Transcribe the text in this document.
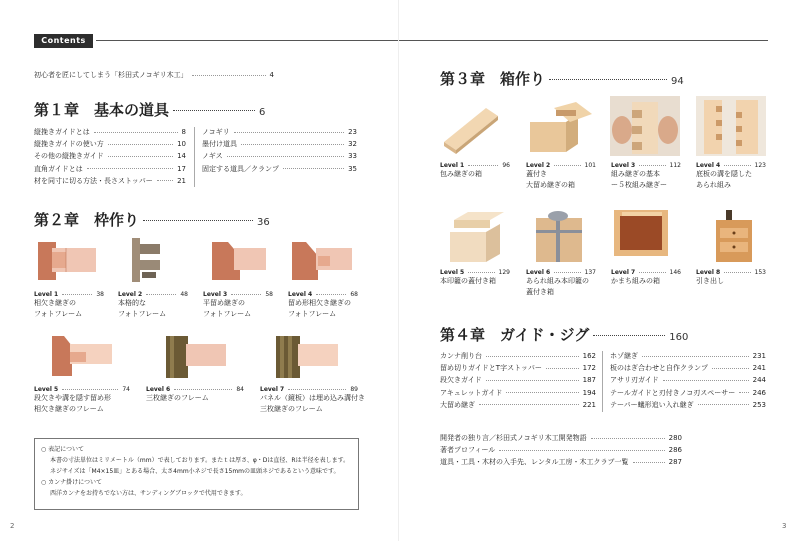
Contents
初心者を匠にしてしまう「杉田式ノコギリ木工」	4
第１章　基本の道具	6
縦挽きガイドとは	8
縦挽きガイドの使い方	10
その他の縦挽きガイド	14
直角ガイドとは	17
材を同寸に切る方法・長さストッパー	21
ノコギリ	23
墨付け道具	32
ノギス	33
固定する道具／クランプ	35
第２章　枠作り	36
Level 1	38
相欠き継ぎの
フォトフレーム
Level 2	48
本格的な
フォトフレーム
Level 3	58
平留め継ぎの
フォトフレーム
Level 4	68
留め形相欠き継ぎの
フォトフレーム
Level 5	74
段欠きや溝を隠す留め形
相欠き継ぎのフレーム
Level 6	84
三枚継ぎのフレーム
Level 7	89
パネル（鏡板）は埋め込み溝付き
三枚継ぎのフレーム
○ 表記について
本書の寸法単位はミリメートル（mm）で表しております。またｔは厚さ、φ・Dは直径、Rは半径を表します。
ネジサイズは「M4×15皿」とある場合、太さ4mm小ネジで長さ15mmの皿頭ネジであるという意味です。
○ カンナ掛けについて
西洋カンナをお持ちでない方は、サンディングブロックで代用できます。
第３章　箱作り	94
Level 1	96
包み継ぎの箱
Level 2	101
蓋付き
大留め継ぎの箱
Level 3	112
組み継ぎの基本
ー５枚組み継ぎー
Level 4	123
底板の溝を隠した
あられ組み
Level 5	129
本印籠の蓋付き箱
Level 6	137
あられ組み本印籠の
蓋付き箱
Level 7	146
かまち組みの箱
Level 8	153
引き出し
第４章　ガイド・ジグ	160
カンナ削り台	162
留め切りガイドとT字ストッパー	172
段欠きガイド	187
アキュレットガイド	194
大留め継ぎ	221
ホゾ継ぎ	231
板のはぎ合わせと自作クランプ	241
アサリ刃ガイド	244
テールガイドと刃付きノコ刃スペーサー 246
テーパー蟻形追い入れ継ぎ	253
開発者の独り言／杉田式ノコギリ木工開発物語	280
著者プロフィール	286
道具・工具・木材の入手先、レンタル工房・木工クラブ一覧	287
2	3
